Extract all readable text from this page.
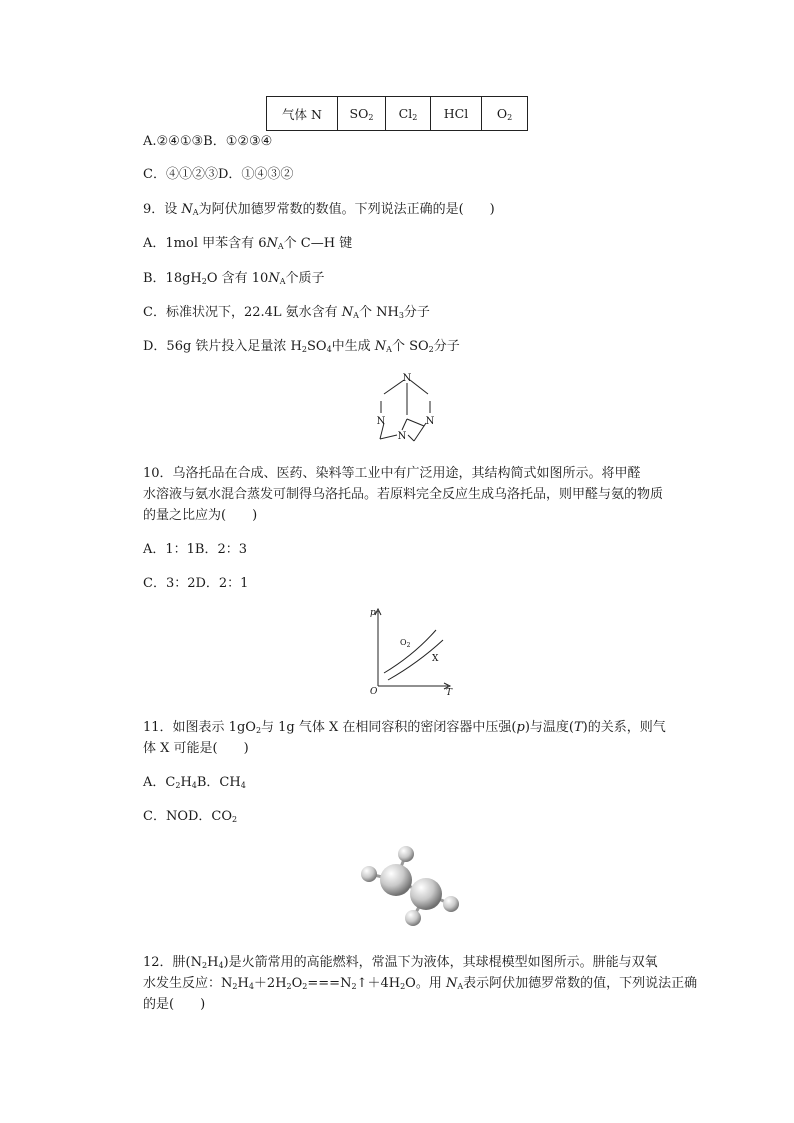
气体 N	$SO_2$	$Cl_2$	HCl	$O_2$
A.②④①③B．①②③④
C．④①②③D．①④③②
9．设 $N_A$为阿伏加德罗常数的数值。下列说法正确的是(　　)
A．1mol 甲苯含有 $6N_A$个 C—H 键
B．$18gH_2O$ 含有 $10N_A$个质子
C．标准状况下，22.4L 氨水含有 $N_A$个 $NH_3$分子
D．56g 铁片投入足量浓 $H_2SO_4$中生成 $N_A$个 $SO_2$分子
N
N	N
N
10．乌洛托品在合成、医药、染料等工业中有广泛用途，其结构简式如图所示。将甲醛
水溶液与氨水混合蒸发可制得乌洛托品。若原料完全反应生成乌洛托品，则甲醛与氨的物质
的量之比应为(　　)
A．1：1B．2：3
C．3：2D．2：1
p
T
O
$O_2$
X
11．如图表示 $1gO_2$与 1g 气体 X 在相同容积的密闭容器中压强(p)与温度(T)的关系，则气
体 X 可能是(　　)
A．$C_2H_4B$．$CH_4$
C．NOD．$CO_2$
12．肼$(N_2H_4)$是火箭常用的高能燃料，常温下为液体，其球棍模型如图所示。肼能与双氧
水发生反应：$N_2H_4+2H_2O_2===N_2↑+4H_2O$。用 $N_A$表示阿伏加德罗常数的值，下列说法正确
的是(　　)
